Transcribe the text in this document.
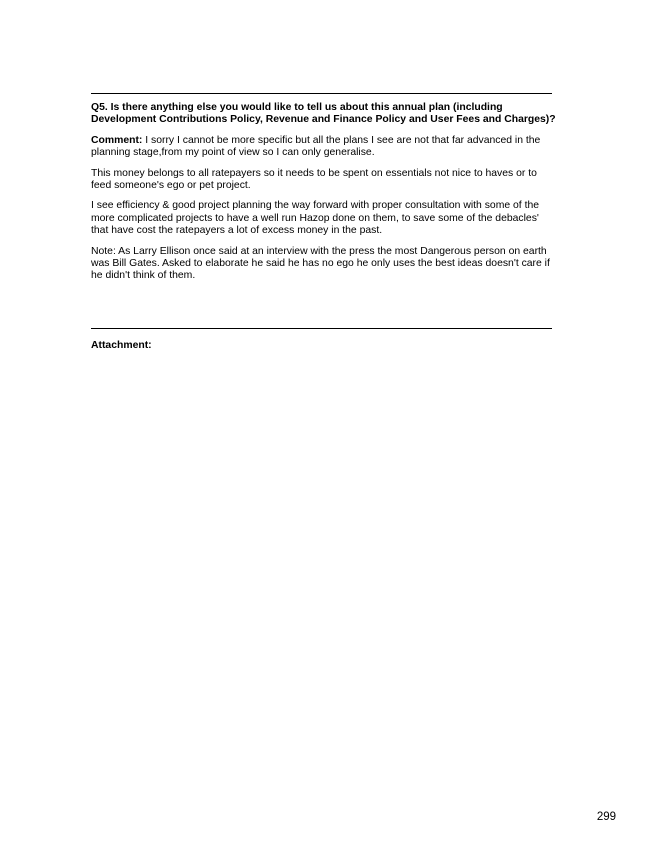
Q5. Is there anything else you would like to tell us about this annual plan (including Development Contributions Policy, Revenue and Finance Policy and User Fees and Charges)?

Comment: I sorry I cannot be more specific but all the plans I see are not that far advanced in the planning stage,from my point of view so I can only generalise.

This money belongs to all ratepayers so it needs to be spent on essentials not nice to haves or to feed someone's ego or pet project.

I see efficiency & good project planning the way forward with proper consultation with some of the more complicated projects to have a well run Hazop done on them, to save some of the debacles' that have cost the ratepayers a lot of excess money in the past.

Note: As Larry Ellison once said at an interview with the press the most Dangerous person on earth was Bill Gates. Asked to elaborate he said he has no ego he only uses the best ideas doesn't care if he didn't think of them.

Attachment:
299
